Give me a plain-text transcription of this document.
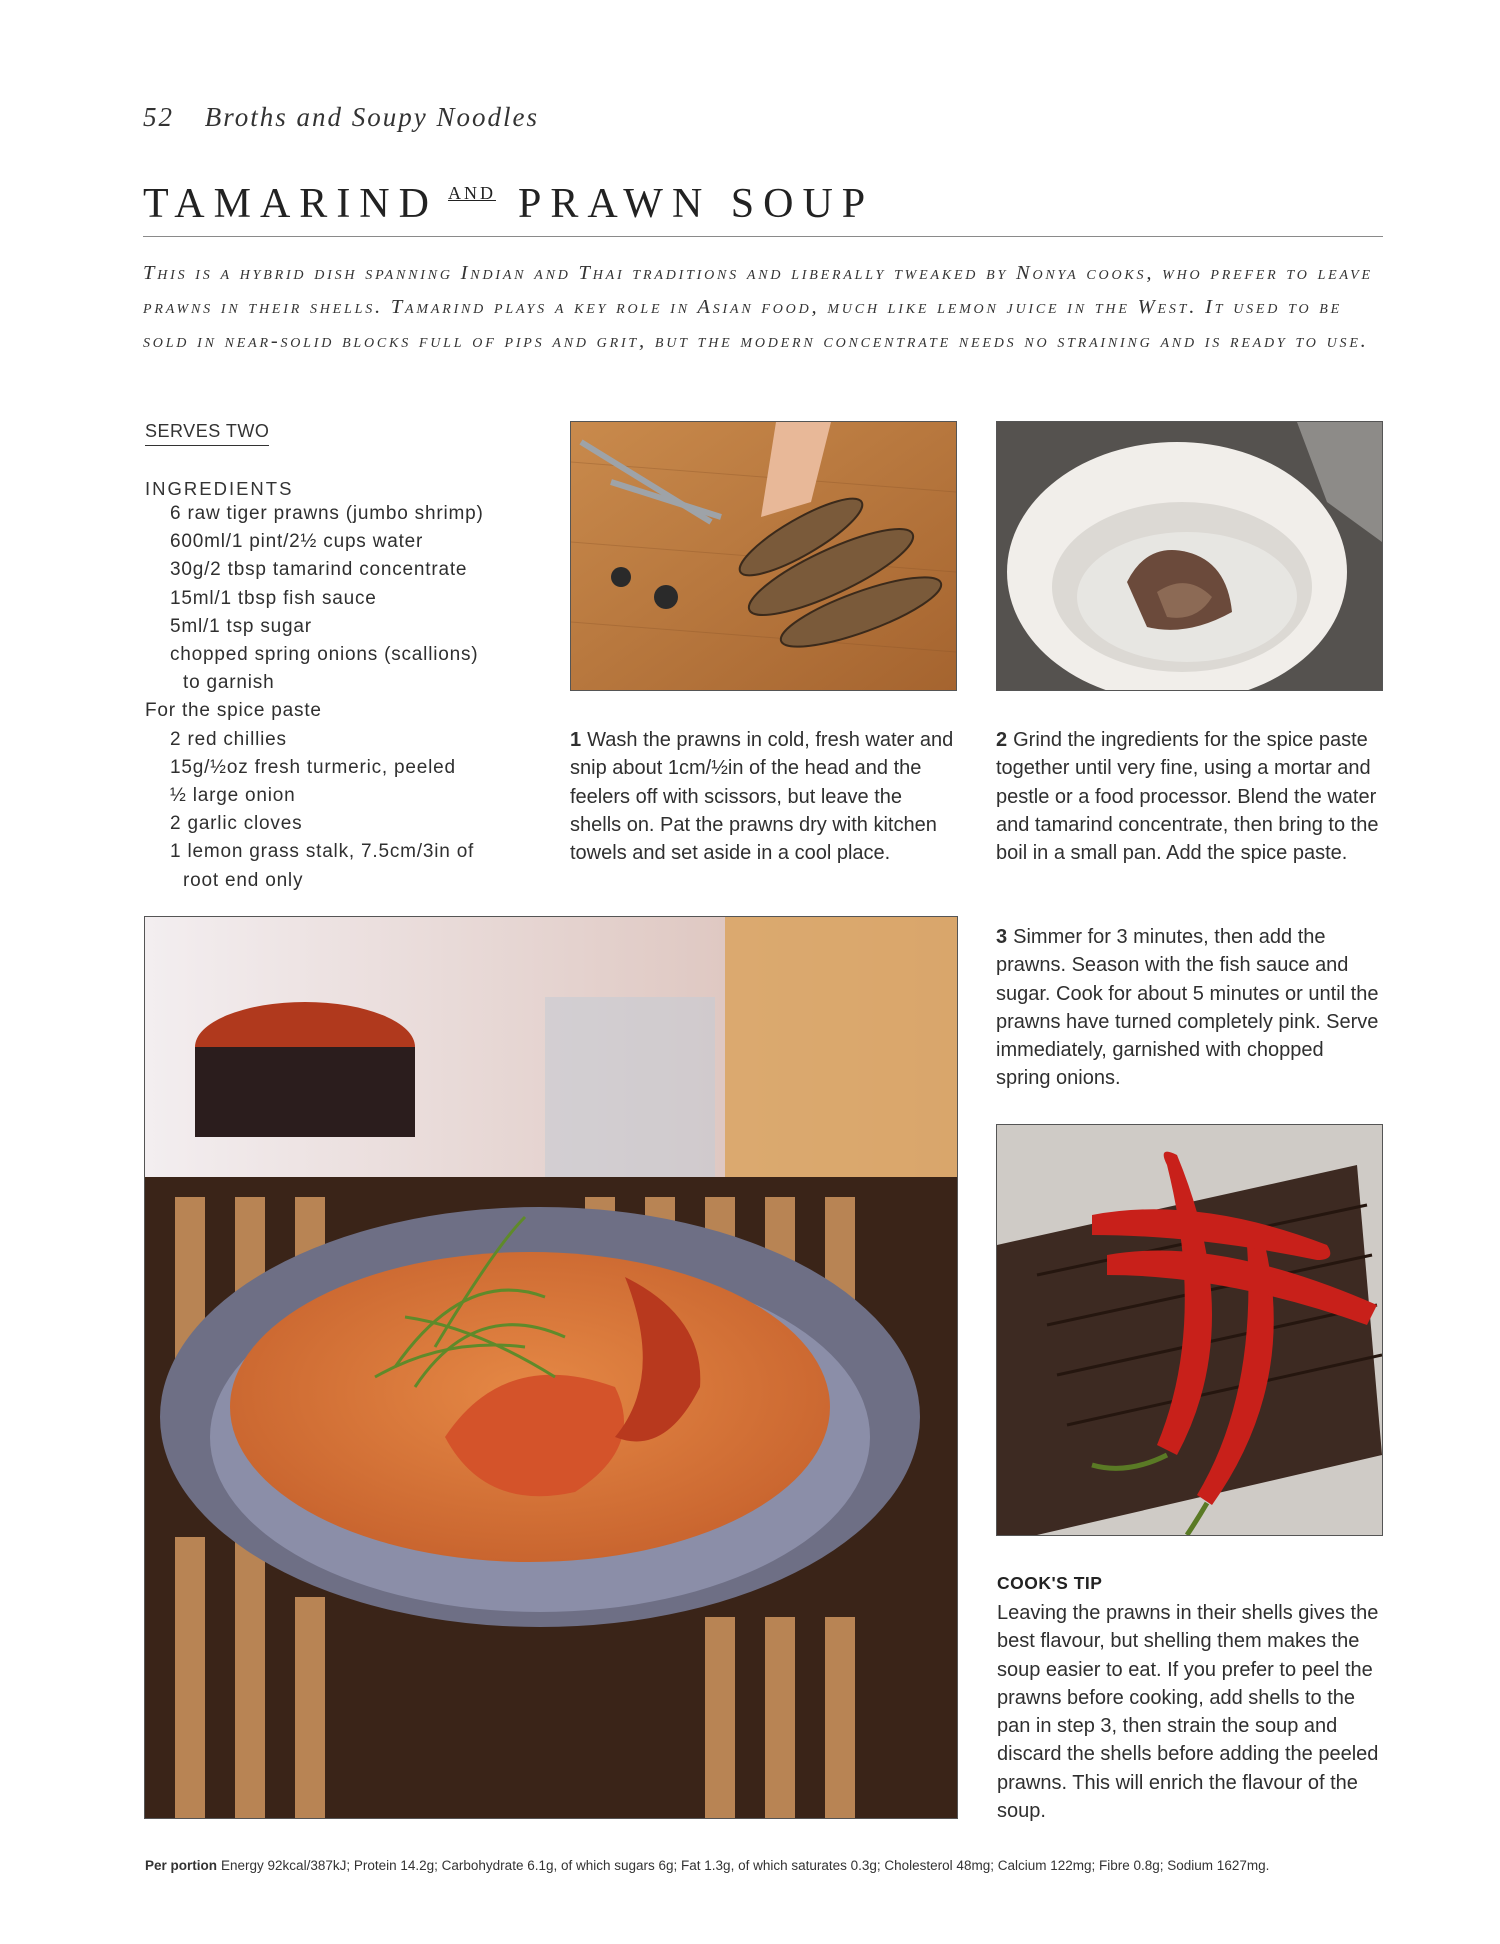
52 Broths and Soupy Noodles
TAMARIND AND PRAWN SOUP
This is a hybrid dish spanning Indian and Thai traditions and liberally tweaked by Nonya cooks, who prefer to leave prawns in their shells. Tamarind plays a key role in Asian food, much like lemon juice in the West. It used to be sold in near-solid blocks full of pips and grit, but the modern concentrate needs no straining and is ready to use.
SERVES TWO
INGREDIENTS
6 raw tiger prawns (jumbo shrimp)
600ml/1 pint/2½ cups water
30g/2 tbsp tamarind concentrate
15ml/1 tbsp fish sauce
5ml/1 tsp sugar
chopped spring onions (scallions)
to garnish
For the spice paste
2 red chillies
15g/½oz fresh turmeric, peeled
½ large onion
2 garlic cloves
1 lemon grass stalk, 7.5cm/3in of
root end only
1 Wash the prawns in cold, fresh water and snip about 1cm/½in of the head and the feelers off with scissors, but leave the shells on. Pat the prawns dry with kitchen towels and set aside in a cool place.
2 Grind the ingredients for the spice paste together until very fine, using a mortar and pestle or a food processor. Blend the water and tamarind concentrate, then bring to the boil in a small pan. Add the spice paste.
3 Simmer for 3 minutes, then add the prawns. Season with the fish sauce and sugar. Cook for about 5 minutes or until the prawns have turned completely pink. Serve immediately, garnished with chopped spring onions.
COOK'S TIP
Leaving the prawns in their shells gives the best flavour, but shelling them makes the soup easier to eat. If you prefer to peel the prawns before cooking, add shells to the pan in step 3, then strain the soup and discard the shells before adding the peeled prawns. This will enrich the flavour of the soup.
Per portion Energy 92kcal/387kJ; Protein 14.2g; Carbohydrate 6.1g, of which sugars 6g; Fat 1.3g, of which saturates 0.3g; Cholesterol 48mg; Calcium 122mg; Fibre 0.8g; Sodium 1627mg.
